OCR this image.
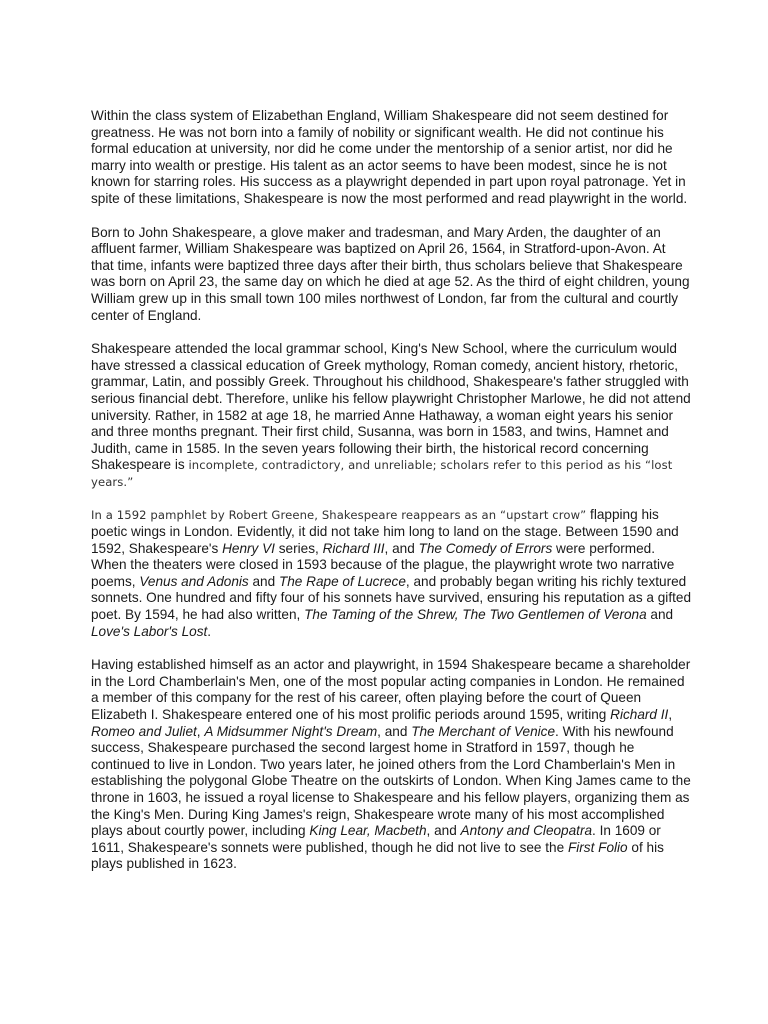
Within the class system of Elizabethan England, William Shakespeare did not seem destined for greatness. He was not born into a family of nobility or significant wealth. He did not continue his formal education at university, nor did he come under the mentorship of a senior artist, nor did he marry into wealth or prestige. His talent as an actor seems to have been modest, since he is not known for starring roles. His success as a playwright depended in part upon royal patronage. Yet in spite of these limitations, Shakespeare is now the most performed and read playwright in the world.

Born to John Shakespeare, a glove maker and tradesman, and Mary Arden, the daughter of an affluent farmer, William Shakespeare was baptized on April 26, 1564, in Stratford-upon-Avon. At that time, infants were baptized three days after their birth, thus scholars believe that Shakespeare was born on April 23, the same day on which he died at age 52. As the third of eight children, young William grew up in this small town 100 miles northwest of London, far from the cultural and courtly center of England.

Shakespeare attended the local grammar school, King's New School, where the curriculum would have stressed a classical education of Greek mythology, Roman comedy, ancient history, rhetoric, grammar, Latin, and possibly Greek. Throughout his childhood, Shakespeare's father struggled with serious financial debt. Therefore, unlike his fellow playwright Christopher Marlowe, he did not attend university. Rather, in 1582 at age 18, he married Anne Hathaway, a woman eight years his senior and three months pregnant. Their first child, Susanna, was born in 1583, and twins, Hamnet and Judith, came in 1585. In the seven years following their birth, the historical record concerning Shakespeare is incomplete, contradictory, and unreliable; scholars refer to this period as his “lost years.”

In a 1592 pamphlet by Robert Greene, Shakespeare reappears as an “upstart crow” flapping his poetic wings in London. Evidently, it did not take him long to land on the stage. Between 1590 and 1592, Shakespeare's Henry VI series, Richard III, and The Comedy of Errors were performed. When the theaters were closed in 1593 because of the plague, the playwright wrote two narrative poems, Venus and Adonis and The Rape of Lucrece, and probably began writing his richly textured sonnets. One hundred and fifty four of his sonnets have survived, ensuring his reputation as a gifted poet. By 1594, he had also written, The Taming of the Shrew, The Two Gentlemen of Verona and Love's Labor's Lost.

Having established himself as an actor and playwright, in 1594 Shakespeare became a shareholder in the Lord Chamberlain's Men, one of the most popular acting companies in London. He remained a member of this company for the rest of his career, often playing before the court of Queen Elizabeth I. Shakespeare entered one of his most prolific periods around 1595, writing Richard II, Romeo and Juliet, A Midsummer Night's Dream, and The Merchant of Venice. With his newfound success, Shakespeare purchased the second largest home in Stratford in 1597, though he continued to live in London. Two years later, he joined others from the Lord Chamberlain's Men in establishing the polygonal Globe Theatre on the outskirts of London. When King James came to the throne in 1603, he issued a royal license to Shakespeare and his fellow players, organizing them as the King's Men. During King James's reign, Shakespeare wrote many of his most accomplished plays about courtly power, including King Lear, Macbeth, and Antony and Cleopatra. In 1609 or 1611, Shakespeare's sonnets were published, though he did not live to see the First Folio of his plays published in 1623.
